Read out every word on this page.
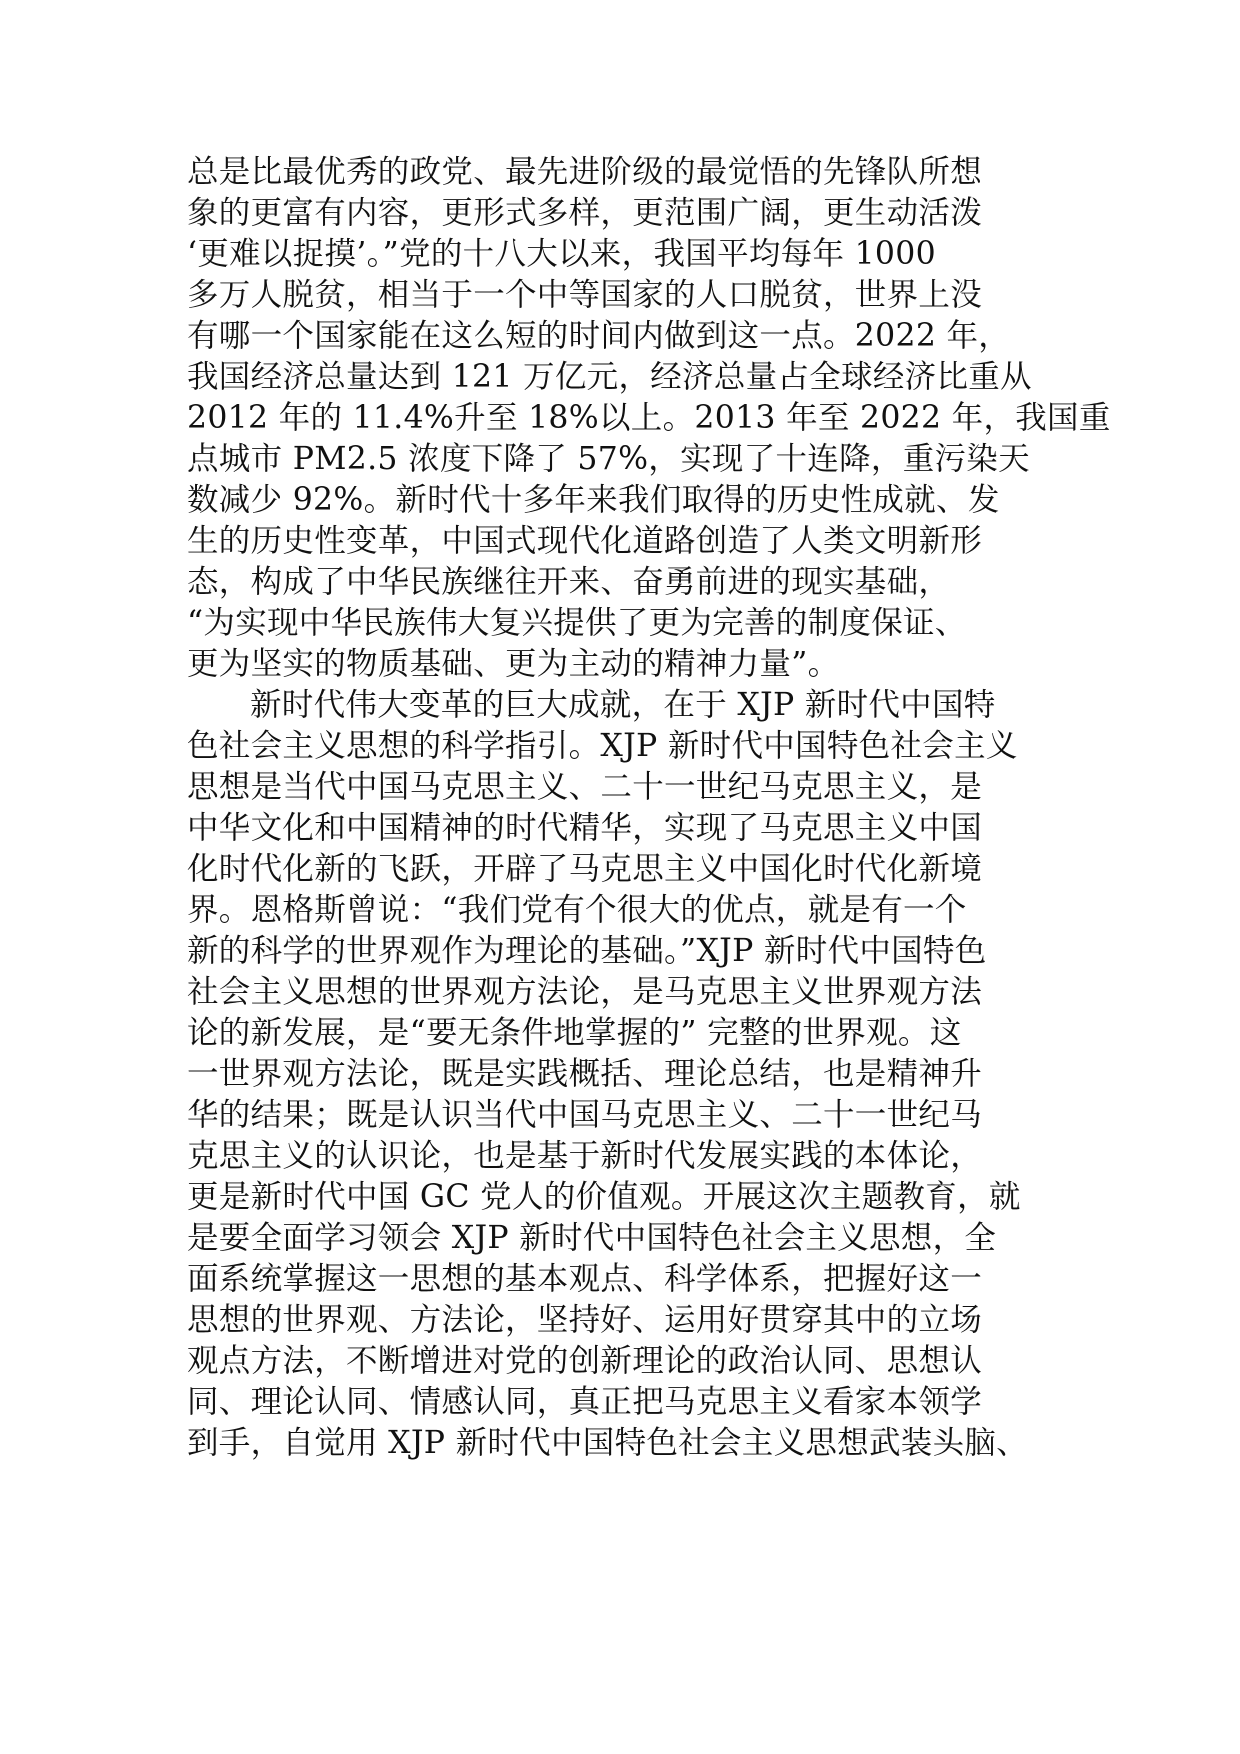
总是比最优秀的政党、最先进阶级的最觉悟的先锋队所想
象的更富有内容，更形式多样，更范围广阔，更生动活泼
‘更难以捉摸’。”党的十八大以来，我国平均每年 1000
多万人脱贫，相当于一个中等国家的人口脱贫，世界上没
有哪一个国家能在这么短的时间内做到这一点。2022 年，
我国经济总量达到 121 万亿元，经济总量占全球经济比重从
2012 年的 11.4%升至 18%以上。2013 年至 2022 年，我国重
点城市 PM2.5 浓度下降了 57%，实现了十连降，重污染天
数减少 92%。新时代十多年来我们取得的历史性成就、发
生的历史性变革，中国式现代化道路创造了人类文明新形
态，构成了中华民族继往开来、奋勇前进的现实基础，
“为实现中华民族伟大复兴提供了更为完善的制度保证、
更为坚实的物质基础、更为主动的精神力量”。
新时代伟大变革的巨大成就，在于 XJP 新时代中国特
色社会主义思想的科学指引。XJP 新时代中国特色社会主义
思想是当代中国马克思主义、二十一世纪马克思主义，是
中华文化和中国精神的时代精华，实现了马克思主义中国
化时代化新的飞跃，开辟了马克思主义中国化时代化新境
界。恩格斯曾说：“我们党有个很大的优点，就是有一个
新的科学的世界观作为理论的基础。”XJP 新时代中国特色
社会主义思想的世界观方法论，是马克思主义世界观方法
论的新发展，是“要无条件地掌握的” 完整的世界观。这
一世界观方法论，既是实践概括、理论总结，也是精神升
华的结果；既是认识当代中国马克思主义、二十一世纪马
克思主义的认识论，也是基于新时代发展实践的本体论，
更是新时代中国 GC 党人的价值观。开展这次主题教育，就
是要全面学习领会 XJP 新时代中国特色社会主义思想，全
面系统掌握这一思想的基本观点、科学体系，把握好这一
思想的世界观、方法论，坚持好、运用好贯穿其中的立场
观点方法，不断增进对党的创新理论的政治认同、思想认
同、理论认同、情感认同，真正把马克思主义看家本领学
到手，自觉用 XJP 新时代中国特色社会主义思想武装头脑、
